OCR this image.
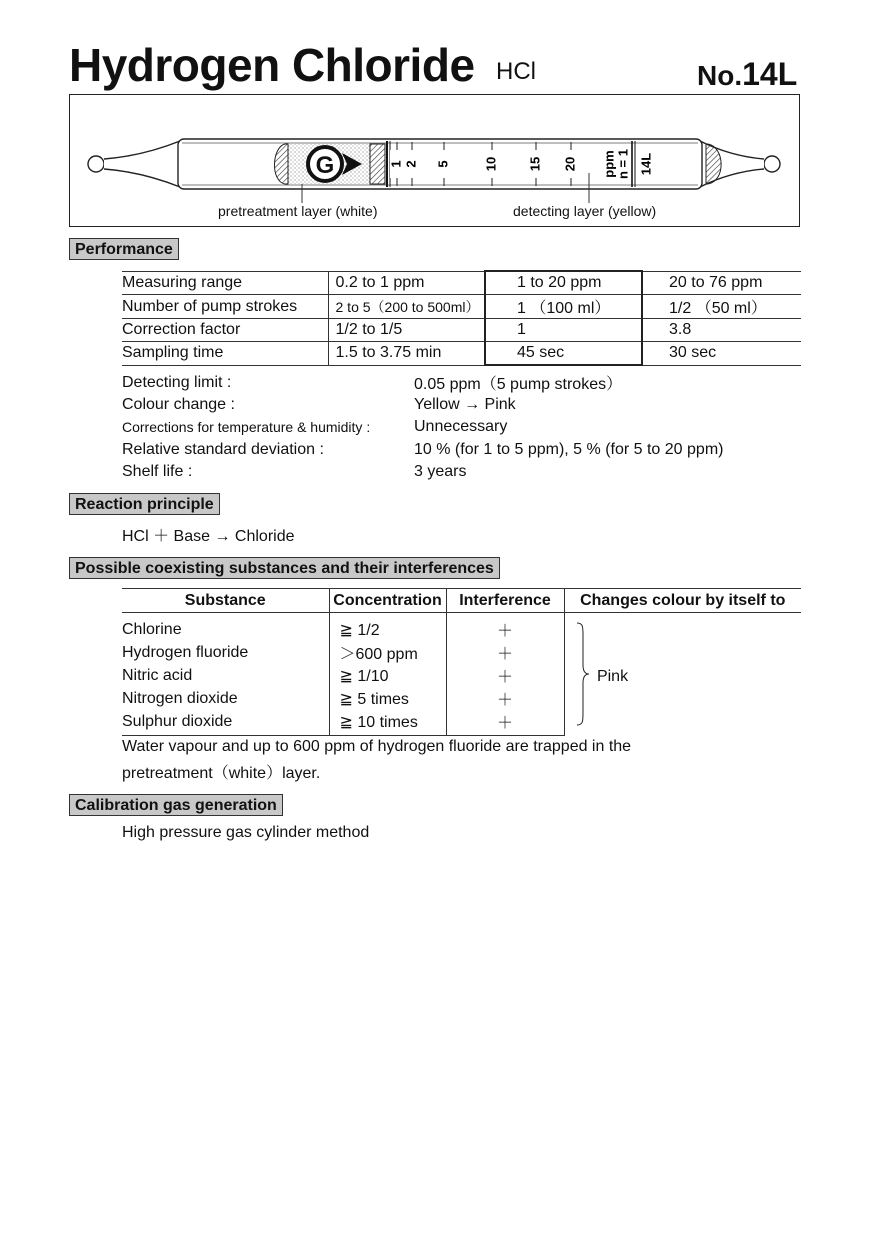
Hydrogen Chloride HCl	No.14L
G	1 2 5	10 15 20 ppm n = 1 14L
pretreatment layer (white)	detecting layer (yellow)
Performance
Measuring range	0.2 to 1 ppm	1 to 20 ppm	20 to 76 ppm
Number of pump strokes	2 to 5（200 to 500ml）	1 （100 ml）	1/2 （50 ml）
Correction factor	1/2 to 1/5	1	3.8
Sampling time	1.5 to 3.75 min	45 sec	30 sec
Detecting limit :	0.05 ppm（5 pump strokes）
Colour change :	Yellow → Pink
Corrections for temperature & humidity :	Unnecessary
Relative standard deviation :	10 % (for 1 to 5 ppm), 5 % (for 5 to 20 ppm)
Shelf life :	3 years
Reaction principle
HCl ＋ Base → Chloride
Possible coexisting substances and their interferences
Substance	Concentration	Interference	Changes colour by itself to
Chlorine	≧ 1/2	＋	Pink
Hydrogen fluoride	＞600 ppm	＋	
Nitric acid	≧ 1/10	＋	
Nitrogen dioxide	≧ 5 times	＋	
Sulphur dioxide	≧ 10 times	＋	
Water vapour and up to 600 ppm of hydrogen fluoride are trapped in the
pretreatment（white）layer.
Calibration gas generation
High pressure gas cylinder method
